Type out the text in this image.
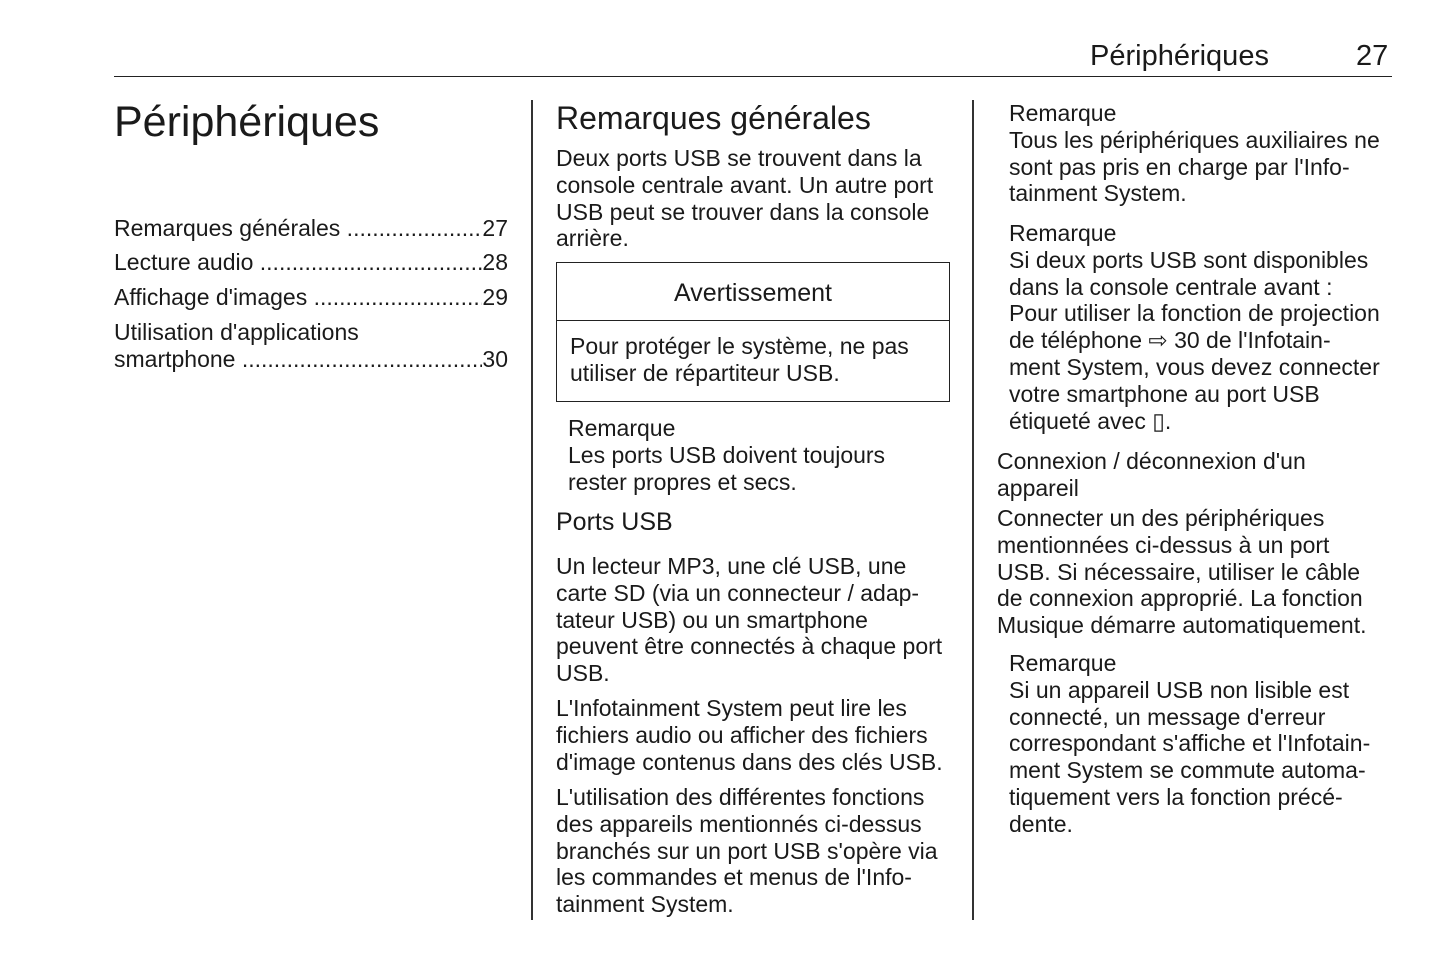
Périphériques	27
Périphériques
Remarques générales .....	27
Lecture audio .....	28
Affichage d'images .....	29
Utilisation d'applications
smartphone .....	30
Remarques générales
Deux ports USB se trouvent dans la
console centrale avant. Un autre port
USB peut se trouver dans la console
arrière.
Avertissement
Pour protéger le système, ne pas
utiliser de répartiteur USB.
Remarque
Les ports USB doivent toujours
rester propres et secs.
Ports USB
Un lecteur MP3, une clé USB, une
carte SD (via un connecteur / adap-
tateur USB) ou un smartphone
peuvent être connectés à chaque port
USB.
L'Infotainment System peut lire les
fichiers audio ou afficher des fichiers
d'image contenus dans des clés USB.
L'utilisation des différentes fonctions
des appareils mentionnés ci-dessus
branchés sur un port USB s'opère via
les commandes et menus de l'Info-
tainment System.
Remarque
Tous les périphériques auxiliaires ne
sont pas pris en charge par l'Info-
tainment System.
Remarque
Si deux ports USB sont disponibles
dans la console centrale avant :
Pour utiliser la fonction de projection
de téléphone ⇨ 30 de l'Infotain-
ment System, vous devez connecter
votre smartphone au port USB
étiqueté avec ▯.
Connexion / déconnexion d'un
appareil
Connecter un des périphériques
mentionnées ci-dessus à un port
USB. Si nécessaire, utiliser le câble
de connexion approprié. La fonction
Musique démarre automatiquement.
Remarque
Si un appareil USB non lisible est
connecté, un message d'erreur
correspondant s'affiche et l'Infotain-
ment System se commute automa-
tiquement vers la fonction précé-
dente.
